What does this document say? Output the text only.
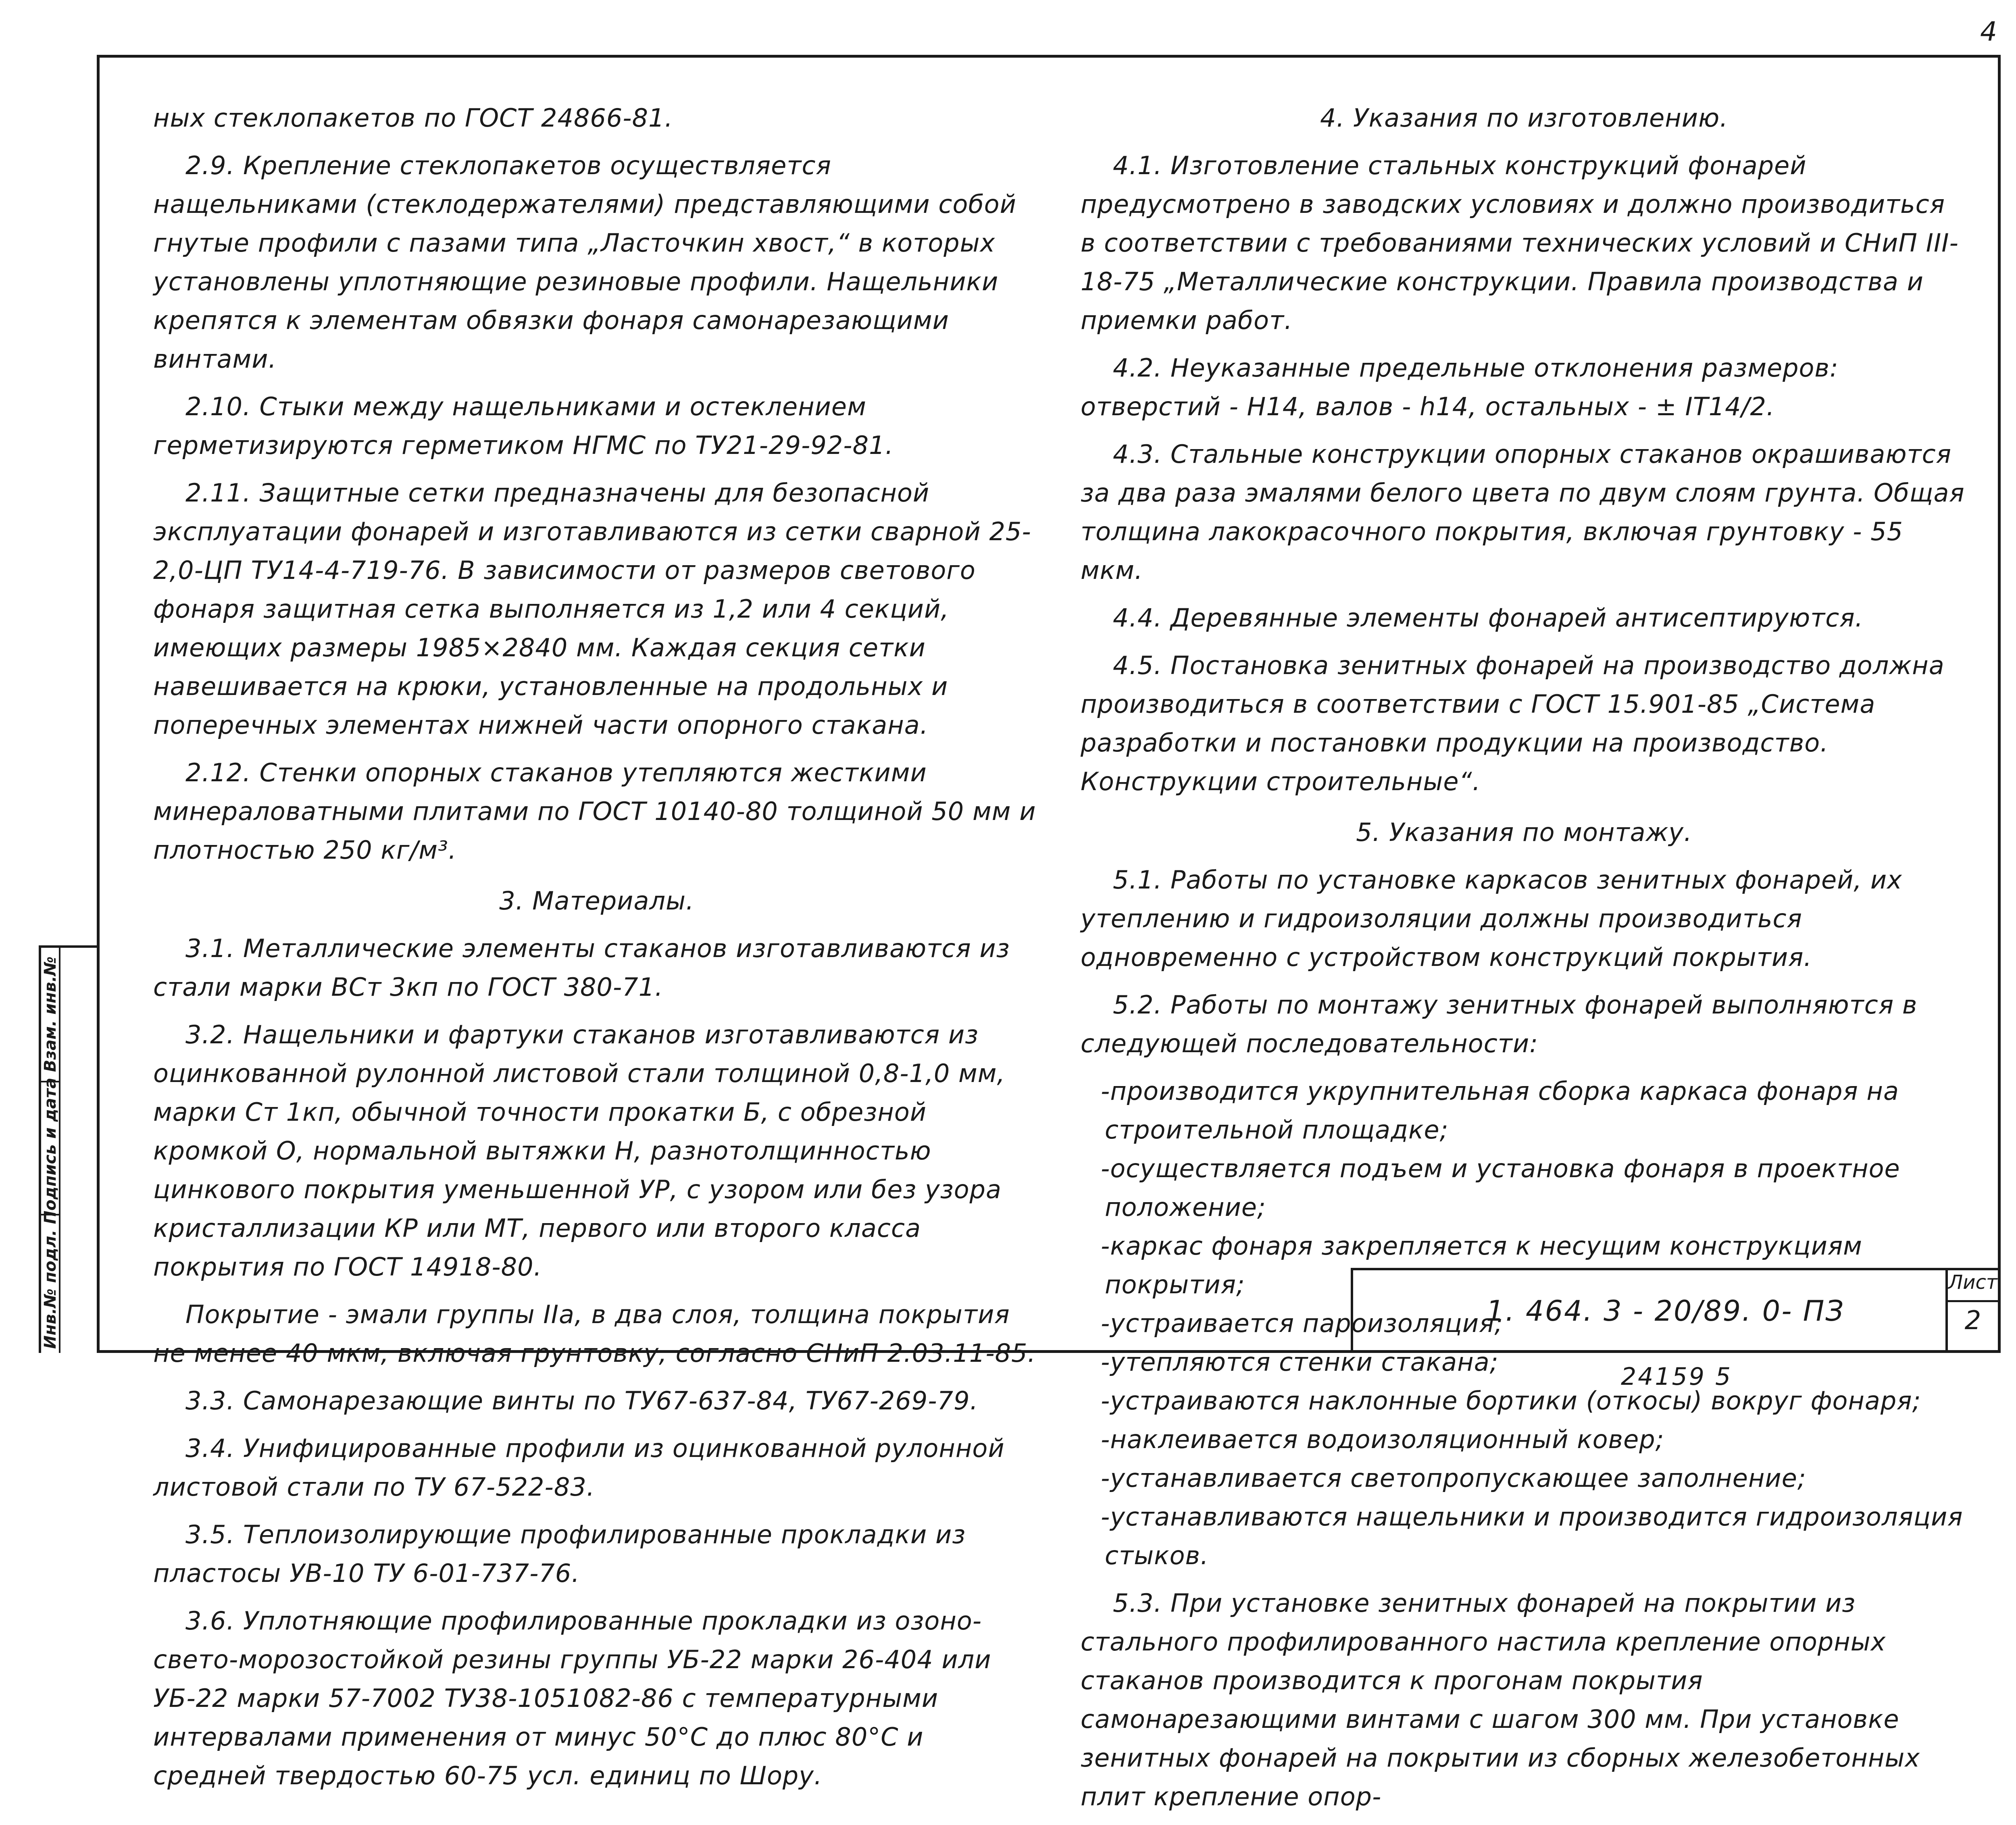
4
Инв.№ подл. Подпись и дата Взам. инв.№

ных стеклопакетов по ГОСТ 24866-81.

2.9. Крепление стеклопакетов осуществляется нащельниками (стеклодержателями) представляющими собой гнутые профили с пазами типа „Ласточкин хвост,“ в которых установлены уплотняющие резиновые профили. Нащельники крепятся к элементам обвязки фонаря самонарезающими винтами.

2.10. Стыки между нащельниками и остеклением герметизируются герметиком НГМС по ТУ21-29-92-81.

2.11. Защитные сетки предназначены для безопасной эксплуатации фонарей и изготавливаются из сетки сварной 25-2,0-ЦП ТУ14-4-719-76. В зависимости от размеров светового фонаря защитная сетка выполняется из 1,2 или 4 секций, имеющих размеры 1985×2840 мм. Каждая секция сетки навешивается на крюки, установленные на продольных и поперечных элементах нижней части опорного стакана.

2.12. Стенки опорных стаканов утепляются жесткими минераловатными плитами по ГОСТ 10140-80 толщиной 50 мм и плотностью 250 кг/м³.

3. Материалы.

3.1. Металлические элементы стаканов изготавливаются из стали марки ВСт 3кп по ГОСТ 380-71.

3.2. Нащельники и фартуки стаканов изготавливаются из оцинкованной рулонной листовой стали толщиной 0,8-1,0 мм, марки Ст 1кп, обычной точности прокатки Б, с обрезной кромкой О, нормальной вытяжки Н, разнотолщинностью цинкового покрытия уменьшенной УР, с узором или без узора кристаллизации КР или МТ, первого или второго класса покрытия по ГОСТ 14918-80.

Покрытие - эмали группы IIа, в два слоя, толщина покрытия не менее 40 мкм, включая грунтовку, согласно СНиП 2.03.11-85.

3.3. Самонарезающие винты по ТУ67-637-84, ТУ67-269-79.

3.4. Унифицированные профили из оцинкованной рулонной листовой стали по ТУ 67-522-83.

3.5. Теплоизолирующие профилированные прокладки из пластосы УВ-10 ТУ 6-01-737-76.

3.6. Уплотняющие профилированные прокладки из озоно-свето-морозостойкой резины группы УБ-22 марки 26-404 или УБ-22 марки 57-7002 ТУ38-1051082-86 с температурными интервалами применения от минус 50°С до плюс 80°С и средней твердостью 60-75 усл. единиц по Шору.

4. Указания по изготовлению.

4.1. Изготовление стальных конструкций фонарей предусмотрено в заводских условиях и должно производиться в соответствии с требованиями технических условий и СНиП III-18-75 „Металлические конструкции. Правила производства и приемки работ.

4.2. Неуказанные предельные отклонения размеров: отверстий - Н14, валов - h14, остальных - ± IT14/2.

4.3. Стальные конструкции опорных стаканов окрашиваются за два раза эмалями белого цвета по двум слоям грунта. Общая толщина лакокрасочного покрытия, включая грунтовку - 55 мкм.

4.4. Деревянные элементы фонарей антисептируются.

4.5. Постановка зенитных фонарей на производство должна производиться в соответствии с ГОСТ 15.901-85 „Система разработки и постановки продукции на производство. Конструкции строительные“.

5. Указания по монтажу.

5.1. Работы по установке каркасов зенитных фонарей, их утеплению и гидроизоляции должны производиться одновременно с устройством конструкций покрытия.

5.2. Работы по монтажу зенитных фонарей выполняются в следующей последовательности:

-производится укрупнительная сборка каркаса фонаря на строительной площадке;

-осуществляется подъем и установка фонаря в проектное положение;

-каркас фонаря закрепляется к несущим конструкциям покрытия;

-устраивается пароизоляция;

-утепляются стенки стакана;

-устраиваются наклонные бортики (откосы) вокруг фонаря;

-наклеивается водоизоляционный ковер;

-устанавливается светопропускающее заполнение;

-устанавливаются нащельники и производится гидроизоляция стыков.

5.3. При установке зенитных фонарей на покрытии из стального профилированного настила крепление опорных стаканов производится к прогонам покрытия самонарезающими винтами с шагом 300 мм. При установке зенитных фонарей на покрытии из сборных железобетонных плит крепление опор-

1. 464. 3 - 20/89. 0- ПЗ
Лист
2
24159 5
